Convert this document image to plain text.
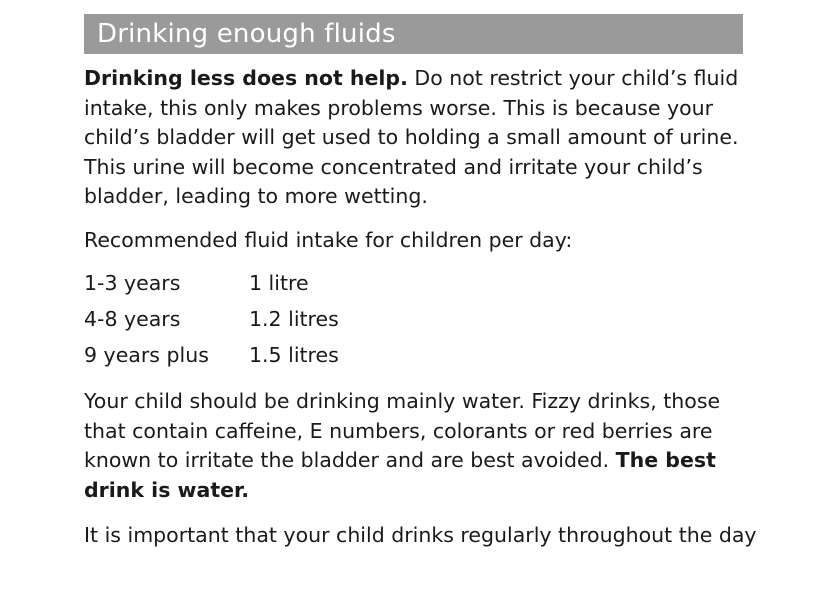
Drinking enough fluids

Drinking less does not help. Do not restrict your child’s fluid intake, this only makes problems worse. This is because your child’s bladder will get used to holding a small amount of urine. This urine will become concentrated and irritate your child’s bladder, leading to more wetting.

Recommended fluid intake for children per day:

1-3 years	1 litre
4-8 years	1.2 litres
9 years plus	1.5 litres

Your child should be drinking mainly water. Fizzy drinks, those that contain caffeine, E numbers, colorants or red berries are known to irritate the bladder and are best avoided. The best drink is water.

It is important that your child drinks regularly throughout the day
